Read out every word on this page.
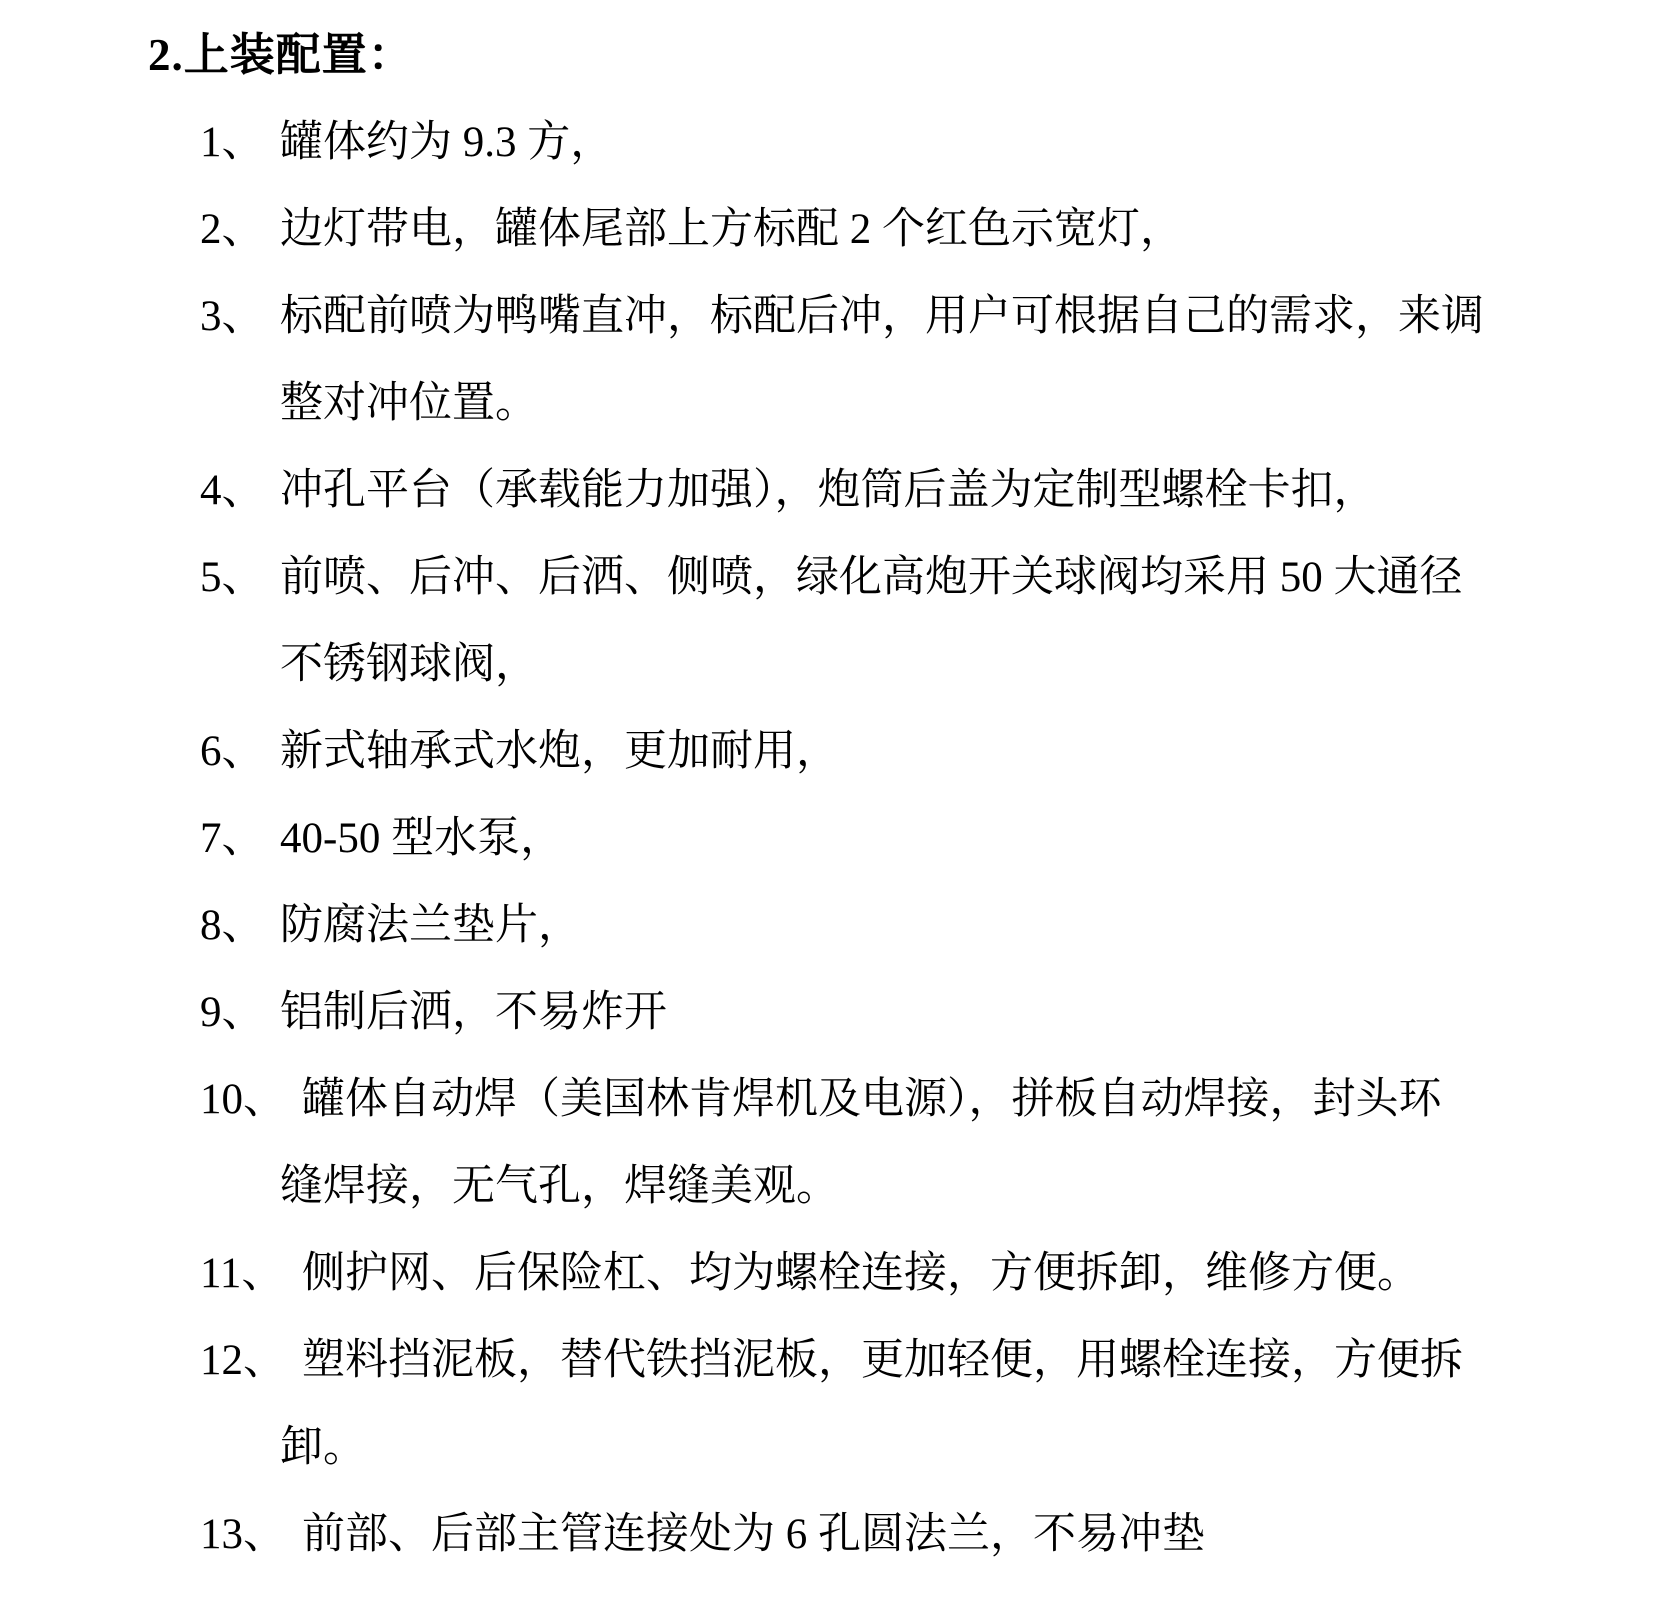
2.上装配置：
1、 罐体约为 9.3 方，
2、 边灯带电，罐体尾部上方标配 2 个红色示宽灯，
3、 标配前喷为鸭嘴直冲，标配后冲，用户可根据自己的需求，来调
整对冲位置。
4、 冲孔平台（承载能力加强），炮筒后盖为定制型螺栓卡扣，
5、 前喷、后冲、后洒、侧喷，绿化高炮开关球阀均采用 50 大通径
不锈钢球阀，
6、 新式轴承式水炮，更加耐用，
7、 40-50 型水泵，
8、 防腐法兰垫片，
9、 铝制后洒，不易炸开
10、 罐体自动焊（美国林肯焊机及电源），拼板自动焊接，封头环
缝焊接，无气孔，焊缝美观。
11、 侧护网、后保险杠、均为螺栓连接，方便拆卸，维修方便。
12、 塑料挡泥板，替代铁挡泥板，更加轻便，用螺栓连接，方便拆
卸。
13、 前部、后部主管连接处为 6 孔圆法兰，不易冲垫
